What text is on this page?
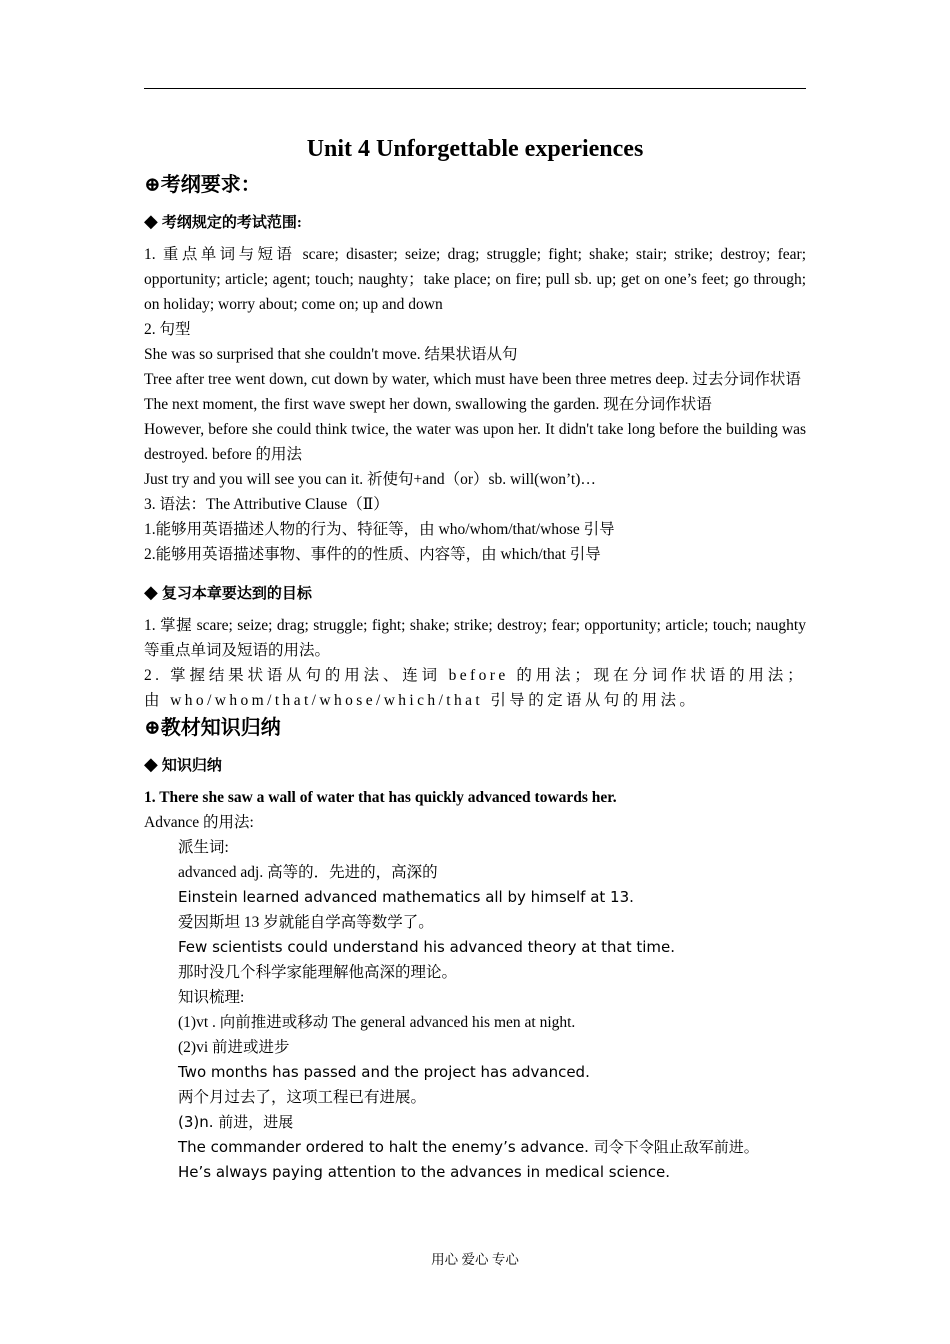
Unit 4 Unforgettable experiences
⊕考纲要求：
◆ 考纲规定的考试范围:

1. 重点单词与短语 scare; disaster; seize; drag; struggle; fight; shake; stair; strike; destroy; fear; opportunity; article; agent; touch; naughty；take place; on fire; pull sb. up; get on one’s feet; go through; on holiday; worry about; come on; up and down

2. 句型

She was so surprised that she couldn't move. 结果状语从句

Tree after tree went down, cut down by water, which must have been three metres deep. 过去分词作状语

The next moment, the first wave swept her down, swallowing the garden. 现在分词作状语

However, before she could think twice, the water was upon her. It didn't take long before the building was destroyed. before 的用法

Just try and you will see you can it. 祈使句+and（or）sb. will(won’t)…

3. 语法：The Attributive Clause（Ⅱ）

1.能够用英语描述人物的行为、特征等，由 who/whom/that/whose 引导

2.能够用英语描述事物、事件的的性质、内容等，由 which/that 引导

◆ 复习本章要达到的目标

1. 掌握 scare; seize; drag; struggle; fight; shake; strike; destroy; fear; opportunity; article; touch; naughty 等重点单词及短语的用法。

2. 掌握结果状语从句的用法、连词 before 的用法；现在分词作状语的用法；由 who/whom/that/whose/which/that 引导的定语从句的用法。

⊕教材知识归纳
◆ 知识归纳

1. There she saw a wall of water that has quickly advanced towards her.

Advance 的用法:

派生词:

advanced adj. 高等的．先进的，高深的

Einstein learned advanced mathematics all by himself at 13.

爱因斯坦 13 岁就能自学高等数学了。

Few scientists could understand his advanced theory at that time.

那时没几个科学家能理解他高深的理论。

知识梳理:

(1)vt . 向前推进或移动 The general advanced his men at night.

(2)vi 前进或进步

Two months has passed and the project has advanced.

两个月过去了，这项工程已有进展。

(3)n. 前进，进展

The commander ordered to halt the enemy’s advance. 司令下令阻止敌军前进。

He’s always paying attention to the advances in medical science.

用心 爱心 专心
